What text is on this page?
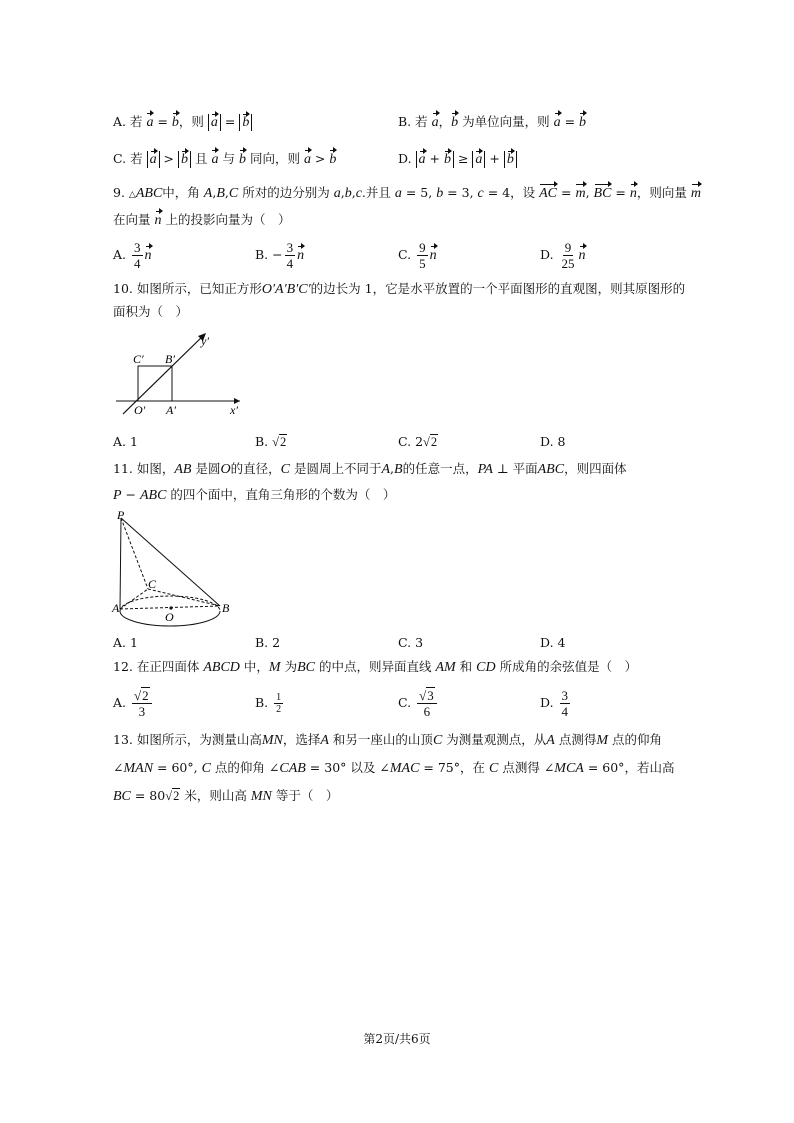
A. 若 a = b，则 a = b	B. 若 a，b 为单位向量，则 a = b
C. 若 a > b 且 a 与 b 同向，则 a > b	D. a + b ≥ a + b
9. △ABC中，角 A,B,C 所对的边分别为 a,b,c.并且 a = 5, b = 3, c = 4，设 AC = m, BC = n，则向量 m
在向量 n 上的投影向量为（　）
A. $\frac{3}{4}$ n	B. − $\frac{3}{4}$ n	C. $\frac{9}{5}$ n	D. $\frac{9}{25}$ n
10. 如图所示，已知正方形O′A′B′C′的边长为 1，它是水平放置的一个平面图形的直观图，则其原图形的
面积为（　）
C′ B′
y′
O′ A′	x′
A. 1	B. √2	C. 2√2	D. 8
11. 如图，AB 是圆O的直径，C 是圆周上不同于A,B的任意一点，PA ⊥ 平面ABC，则四面体
P − ABC 的四个面中，直角三角形的个数为（　）
P
C
A
O
B
A. 1	B. 2	C. 3	D. 4
12. 在正四面体 ABCD 中，M 为BC 的中点，则异面直线 AM 和 CD 所成角的余弦值是（　）
A. $\frac{√2}{3}$	B. $\frac{1}{2}$	C. $\frac{√3}{6}$	D. $\frac{3}{4}$
13. 如图所示，为测量山高MN，选择A 和另一座山的山顶C 为测量观测点，从A 点测得M 点的仰角
∠MAN = 60°, C 点的仰角 ∠CAB = 30° 以及 ∠MAC = 75°，在 C 点测得 ∠MCA = 60°，若山高
BC = 80√2 米，则山高 MN 等于（　）
第2页/共6页
